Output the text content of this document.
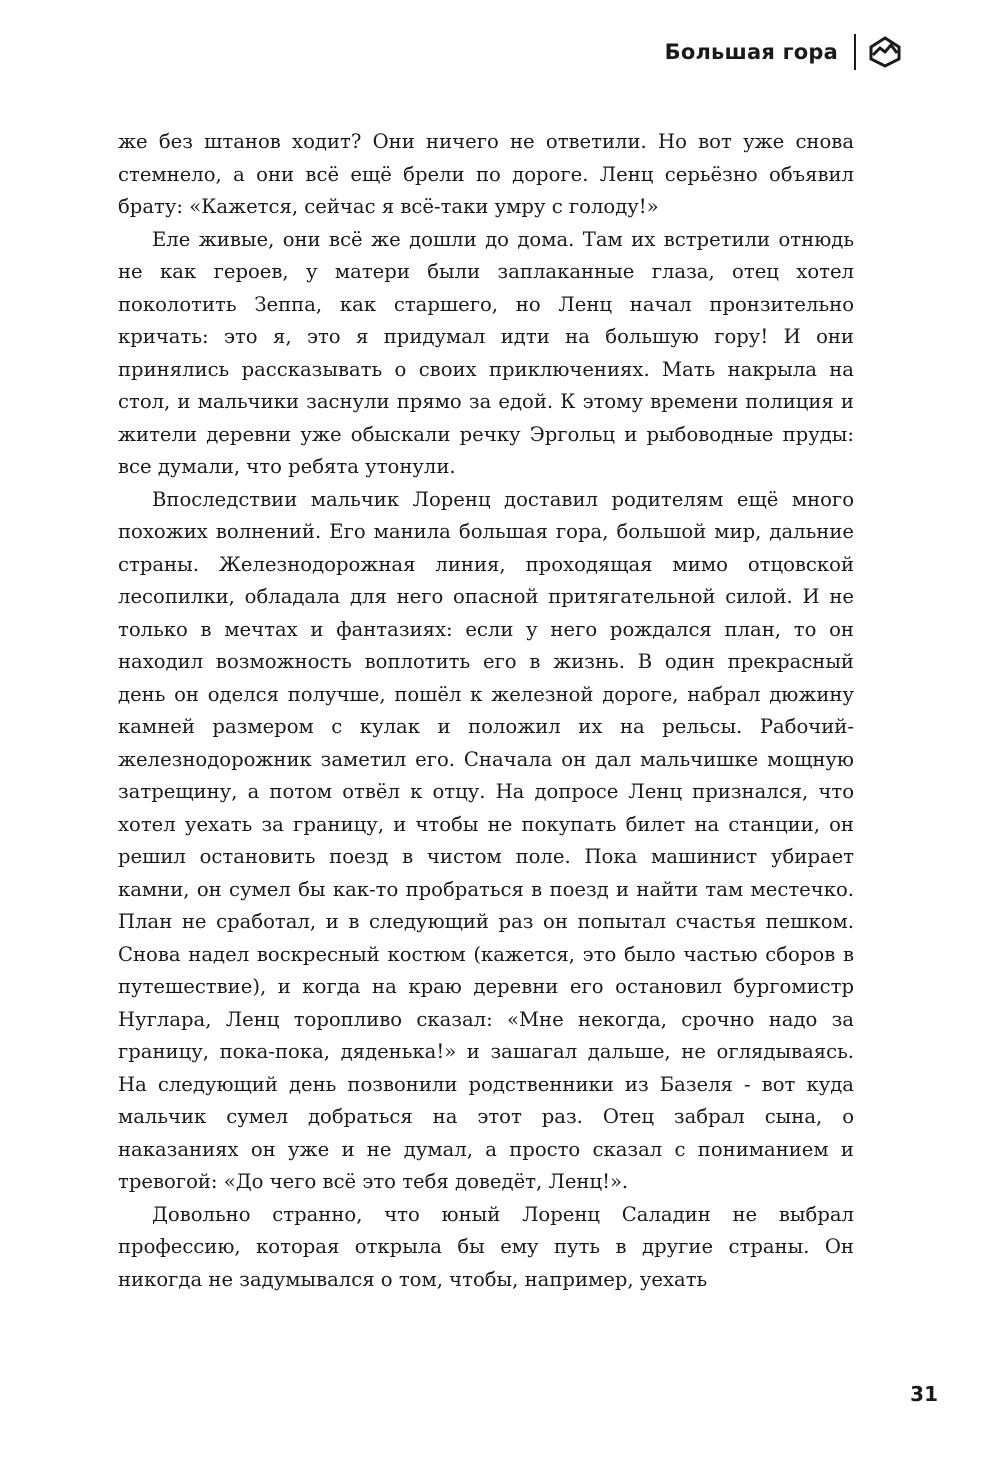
Большая гора

же без штанов ходит? Они ничего не ответили. Но вот уже снова стемнело, а они всё ещё брели по дороге. Ленц серьёзно объявил брату: «Кажется, сейчас я всё-таки умру с голоду!»

Еле живые, они всё же дошли до дома. Там их встретили отнюдь не как героев, у матери были заплаканные глаза, отец хотел поколотить Зеппа, как старшего, но Ленц начал пронзительно кричать: это я, это я придумал идти на большую гору! И они принялись рассказывать о своих приключениях. Мать накрыла на стол, и мальчики заснули прямо за едой. К этому времени полиция и жители деревни уже обыскали речку Эргольц и рыбоводные пруды: все думали, что ребята утонули.

Впоследствии мальчик Лоренц доставил родителям ещё много похожих волнений. Его манила большая гора, большой мир, дальние страны. Железнодорожная линия, проходящая мимо отцовской лесопилки, обладала для него опасной притягательной силой. И не только в мечтах и фантазиях: если у него рождался план, то он находил возможность воплотить его в жизнь. В один прекрасный день он оделся получше, пошёл к железной дороге, набрал дюжину камней размером с кулак и положил их на рельсы. Рабочий-железнодорожник заметил его. Сначала он дал мальчишке мощную затрещину, а потом отвёл к отцу. На допросе Ленц признался, что хотел уехать за границу, и чтобы не покупать билет на станции, он решил остановить поезд в чистом поле. Пока машинист убирает камни, он сумел бы как-то пробраться в поезд и найти там местечко. План не сработал, и в следующий раз он попытал счастья пешком. Снова надел воскресный костюм (кажется, это было частью сборов в путешествие), и когда на краю деревни его остановил бургомистр Нуглара, Ленц торопливо сказал: «Мне некогда, срочно надо за границу, пока-пока, дяденька!» и зашагал дальше, не оглядываясь. На следующий день позвонили родственники из Базеля - вот куда мальчик сумел добраться на этот раз. Отец забрал сына, о наказаниях он уже и не думал, а просто сказал с пониманием и тревогой: «До чего всё это тебя доведёт, Ленц!».

Довольно странно, что юный Лоренц Саладин не выбрал профессию, которая открыла бы ему путь в другие страны. Он никогда не задумывался о том, чтобы, например, уехать

31
